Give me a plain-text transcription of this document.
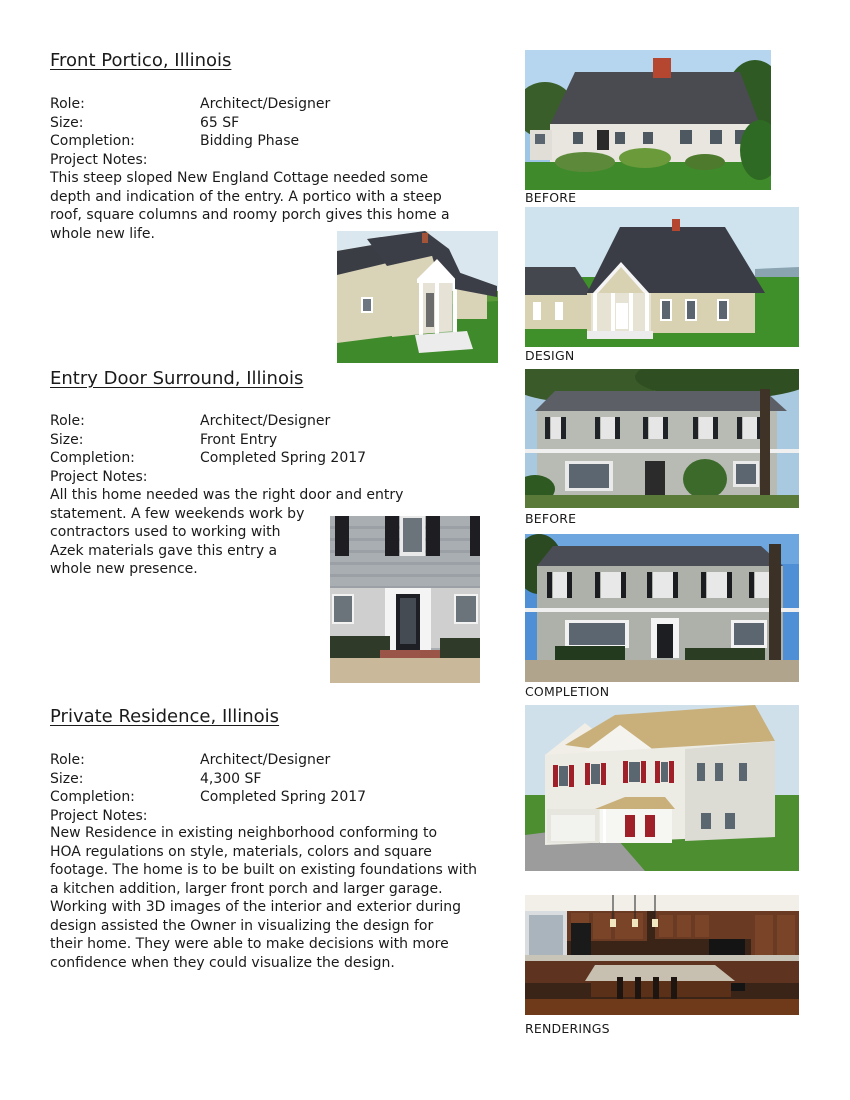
Front Portico, Illinois
Role:	Architect/Designer
Size:	65 SF
Completion:	Bidding Phase
Project Notes:
This steep sloped New England Cottage needed some
depth and indication of the entry. A portico with a steep
roof, square columns and roomy porch gives this home a
whole new life.
BEFORE
DESIGN
Entry Door Surround, Illinois
Role:	Architect/Designer
Size:	Front Entry
Completion:	Completed Spring 2017
Project Notes:
All this home needed was the right door and entry
statement. A few weekends work by
contractors used to working with
Azek materials gave this entry a
whole new presence.
BEFORE
COMPLETION
Private Residence, Illinois
Role:	Architect/Designer
Size:	4,300 SF
Completion:	Completed Spring 2017
Project Notes:
New Residence in existing neighborhood conforming to
HOA regulations on style, materials, colors and square
footage. The home is to be built on existing foundations with
a kitchen addition, larger front porch and larger garage.
Working with 3D images of the interior and exterior during
design assisted the Owner in visualizing the design for
their home. They were able to make decisions with more
confidence when they could visualize the design.
RENDERINGS
